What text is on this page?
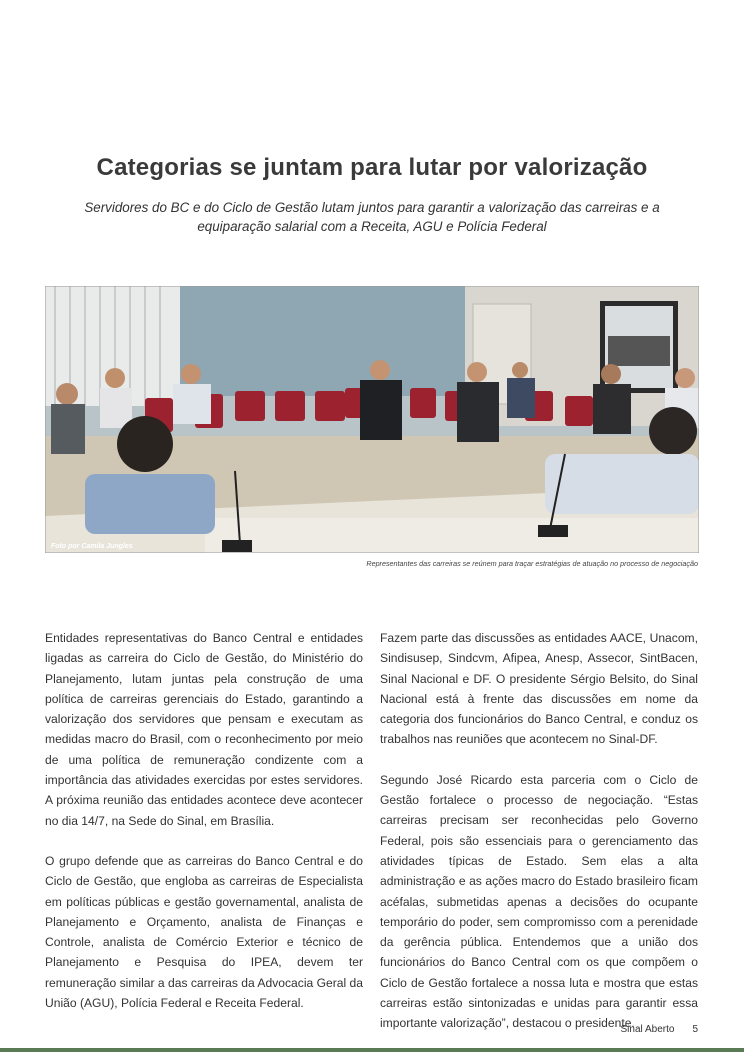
Categorias se juntam para lutar por valorização
Servidores do BC e do Ciclo de Gestão lutam juntos para garantir a valorização das carreiras e a equiparação salarial com a Receita, AGU e Polícia Federal
Foto por Camila Jungles
Representantes das carreiras se reúnem para traçar estratégias de atuação no processo de negociação

Entidades representativas do Banco Central e entidades ligadas as carreira do Ciclo de Gestão, do Ministério do Planejamento, lutam juntas pela construção de uma política de carreiras gerenciais do Estado, garantindo a valorização dos servidores que pensam e executam as medidas macro do Brasil, com o reconhecimento por meio de uma política de remuneração condizente com a importância das atividades exercidas por estes servidores. A próxima reunião das entidades acontece deve acontecer no dia 14/7, na Sede do Sinal, em Brasília.

O grupo defende que as carreiras do Banco Central e do Ciclo de Gestão, que engloba as carreiras de Especialista em políticas públicas e gestão governamental, analista de Planejamento e Orçamento, analista de Finanças e Controle, analista de Comércio Exterior e técnico de Planejamento e Pesquisa do IPEA, devem ter remuneração similar a das carreiras da Advocacia Geral da União (AGU), Polícia Federal e Receita Federal.

Fazem parte das discussões as entidades AACE, Unacom, Sindisusep, Sindcvm, Afipea, Anesp, Assecor, SintBacen, Sinal Nacional e DF. O presidente Sérgio Belsito, do Sinal Nacional está à frente das discussões em nome da categoria dos funcionários do Banco Central, e conduz os trabalhos nas reuniões que acontecem no Sinal-DF.

Segundo José Ricardo esta parceria com o Ciclo de Gestão fortalece o processo de negociação. “Estas carreiras precisam ser reconhecidas pelo Governo Federal, pois são essenciais para o gerenciamento das atividades típicas de Estado. Sem elas a alta administração e as ações macro do Estado brasileiro ficam acéfalas, submetidas apenas a decisões do ocupante temporário do poder, sem compromisso com a perenidade da gerência pública. Entendemos que a união dos funcionários do Banco Central com os que compõem o Ciclo de Gestão fortalece a nossa luta e mostra que estas carreiras estão sintonizadas e unidas para garantir essa importante valorização”, destacou o presidente.

Sinal Aberto 5
